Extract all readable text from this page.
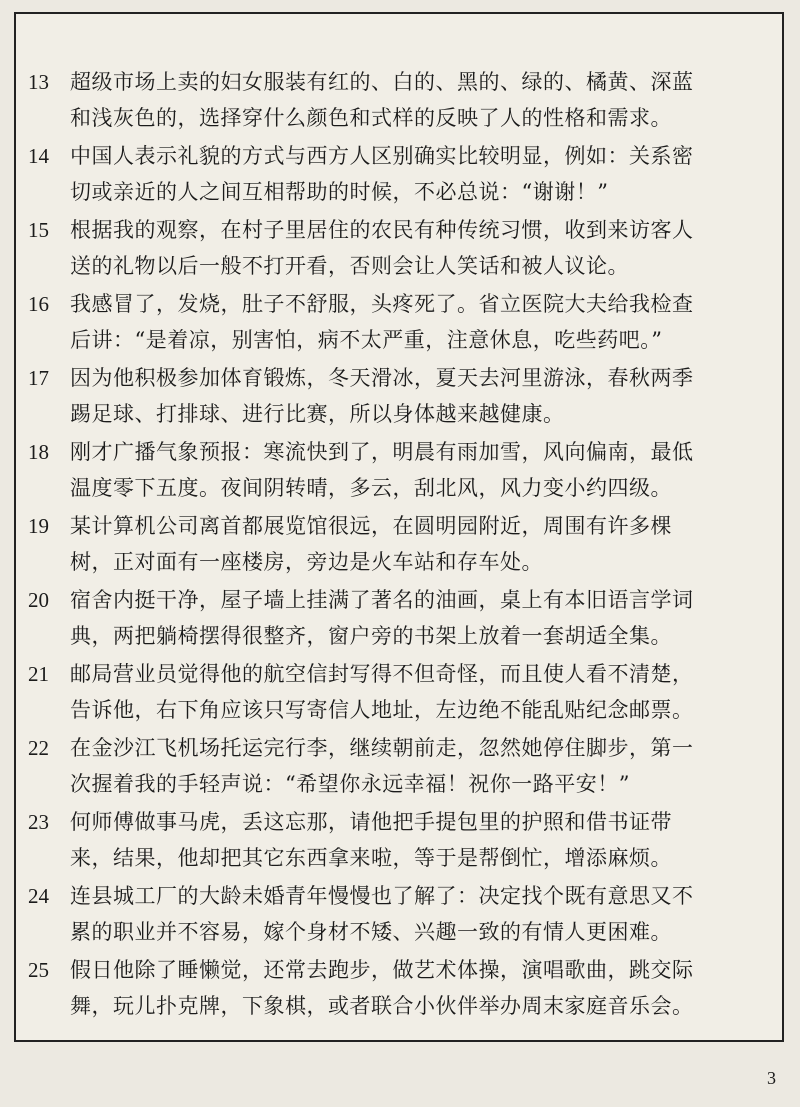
13	超级市场上卖的妇女服装有红的、白的、黑的、绿的、橘黄、深蓝
和浅灰色的，选择穿什么颜色和式样的反映了人的性格和需求。
14	中国人表示礼貌的方式与西方人区别确实比较明显，例如：关系密
切或亲近的人之间互相帮助的时候，不必总说：“谢谢！”
15	根据我的观察，在村子里居住的农民有种传统习惯，收到来访客人
送的礼物以后一般不打开看，否则会让人笑话和被人议论。
16	我感冒了，发烧，肚子不舒服，头疼死了。省立医院大夫给我检查
后讲：“是着凉，别害怕，病不太严重，注意休息，吃些药吧。”
17	因为他积极参加体育锻炼，冬天滑冰，夏天去河里游泳，春秋两季
踢足球、打排球、进行比赛，所以身体越来越健康。
18	刚才广播气象预报：寒流快到了，明晨有雨加雪，风向偏南，最低
温度零下五度。夜间阴转晴，多云，刮北风，风力变小约四级。
19	某计算机公司离首都展览馆很远，在圆明园附近，周围有许多棵
树，正对面有一座楼房，旁边是火车站和存车处。
20	宿舍内挺干净，屋子墙上挂满了著名的油画，桌上有本旧语言学词
典，两把躺椅摆得很整齐，窗户旁的书架上放着一套胡适全集。
21	邮局营业员觉得他的航空信封写得不但奇怪，而且使人看不清楚，
告诉他，右下角应该只写寄信人地址，左边绝不能乱贴纪念邮票。
22	在金沙江飞机场托运完行李，继续朝前走，忽然她停住脚步，第一
次握着我的手轻声说：“希望你永远幸福！祝你一路平安！”
23	何师傅做事马虎，丢这忘那，请他把手提包里的护照和借书证带
来，结果，他却把其它东西拿来啦，等于是帮倒忙，增添麻烦。
24	连县城工厂的大龄未婚青年慢慢也了解了：决定找个既有意思又不
累的职业并不容易，嫁个身材不矮、兴趣一致的有情人更困难。
25	假日他除了睡懒觉，还常去跑步，做艺术体操，演唱歌曲，跳交际
舞，玩儿扑克牌，下象棋，或者联合小伙伴举办周末家庭音乐会。
3
